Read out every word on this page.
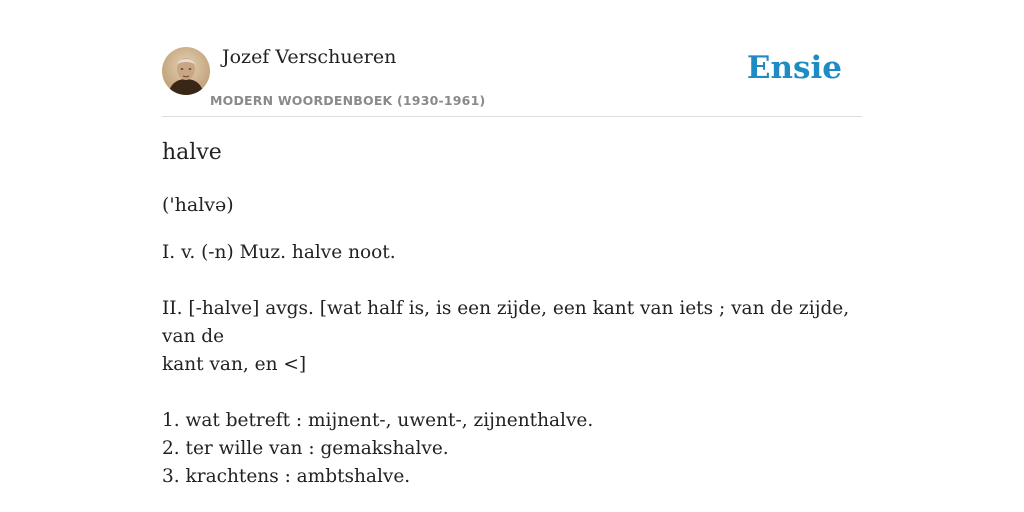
Jozef Verschueren
MODERN WOORDENBOEK (1930-1961)
Ensie
halve
('halvə)

I. v. (-n) Muz. halve noot.

II. [-halve] avgs. [wat half is, is een zijde, een kant van iets ; van de zijde, van de

kant van, en <]

1. wat betreft : mijnent-, uwent-, zijnenthalve.

2. ter wille van : gemakshalve.

3. krachtens : ambtshalve.
